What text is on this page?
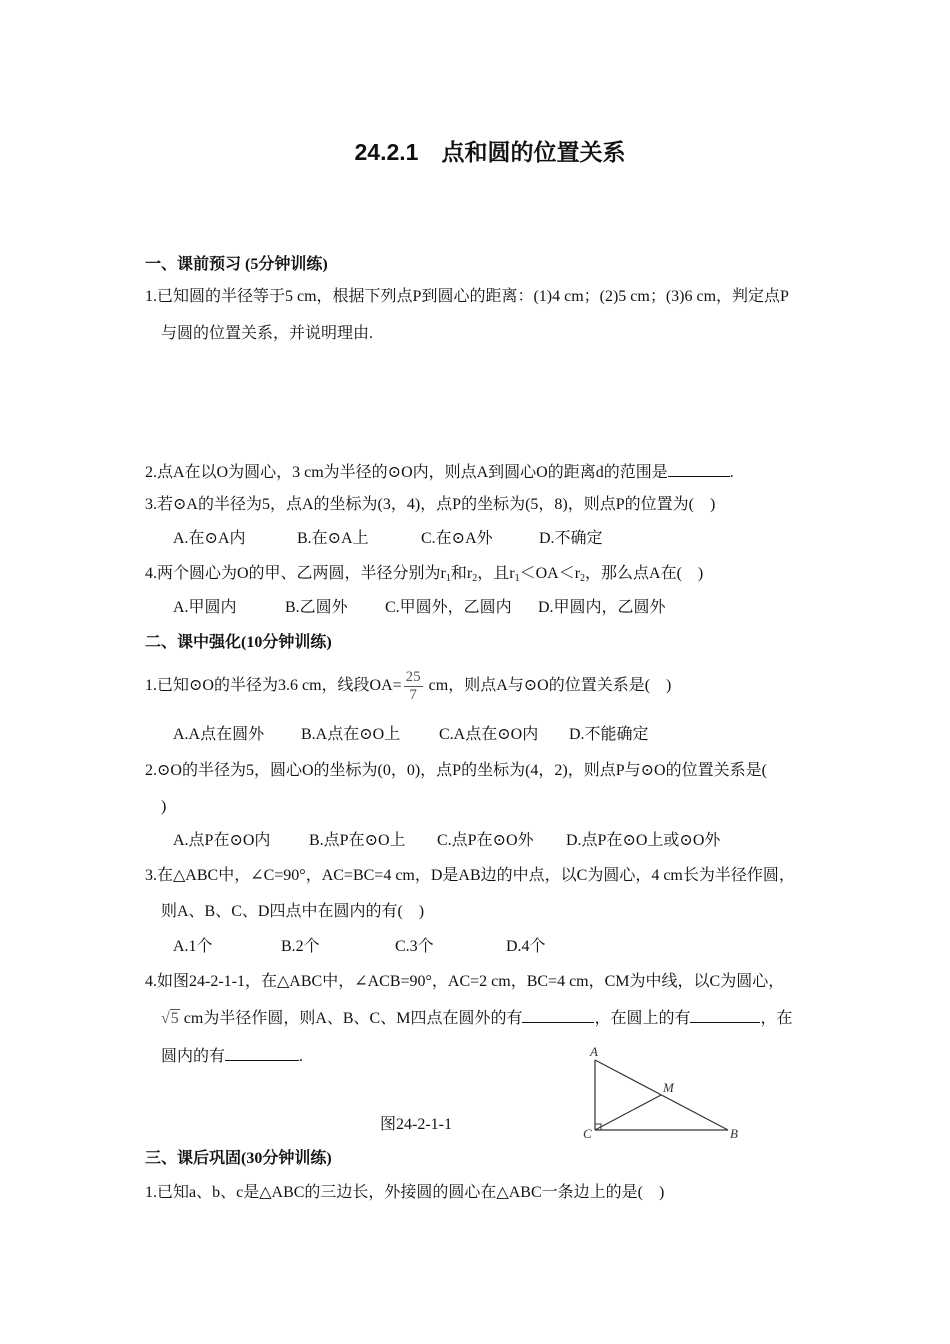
24.2.1　点和圆的位置关系
一、课前预习 (5分钟训练)
1.已知圆的半径等于5 cm，根据下列点P到圆心的距离：(1)4 cm；(2)5 cm；(3)6 cm，判定点P
与圆的位置关系，并说明理由.
2.点A在以O为圆心，3 cm为半径的⊙O内，则点A到圆心O的距离d的范围是	.
3.若⊙A的半径为5，点A的坐标为(3，4)，点P的坐标为(5，8)，则点P的位置为(　)
A.在⊙A内	B.在⊙A上	C.在⊙A外	D.不确定
4.两个圆心为O的甲、乙两圆，半径分别为$r_1$和$r_2$，且$r_1<OA<r_2$，那么点A在(　)
A.甲圆内	B.乙圆外 C.甲圆外，乙圆内 D.甲圆内，乙圆外
二、课中强化(10分钟训练)
1.已知⊙O的半径为3.6 cm，线段$OA= \frac{25}{7}$ cm，则点A与⊙O的位置关系是(　)
A.A点在圆外 B.A点在⊙O上 C.A点在⊙O内 D.不能确定
2.⊙O的半径为5，圆心O的坐标为(0，0)，点P的坐标为(4，2)，则点P与⊙O的位置关系是(
)
A.点P在⊙O内 B.点P在⊙O上 C.点P在⊙O外 D.点P在⊙O上或⊙O外
3.在△ABC中，∠C=90°，AC=BC=4 cm，D是AB边的中点，以C为圆心，4 cm长为半径作圆，
则A、B、C、D四点中在圆内的有(　)
A.1个	B.2个	C.3个	D.4个
4.如图24-2-1-1，在△ABC中，∠ACB=90°，AC=2 cm，BC=4 cm，CM为中线，以C为圆心，
√5 cm为半径作圆，则A、B、C、M四点在圆外的有	，在圆上的有	，在
圆内的有	.	A
B
C
M
图24-2-1-1
三、课后巩固(30分钟训练)
1.已知a、b、c是△ABC的三边长，外接圆的圆心在△ABC一条边上的是(　)
